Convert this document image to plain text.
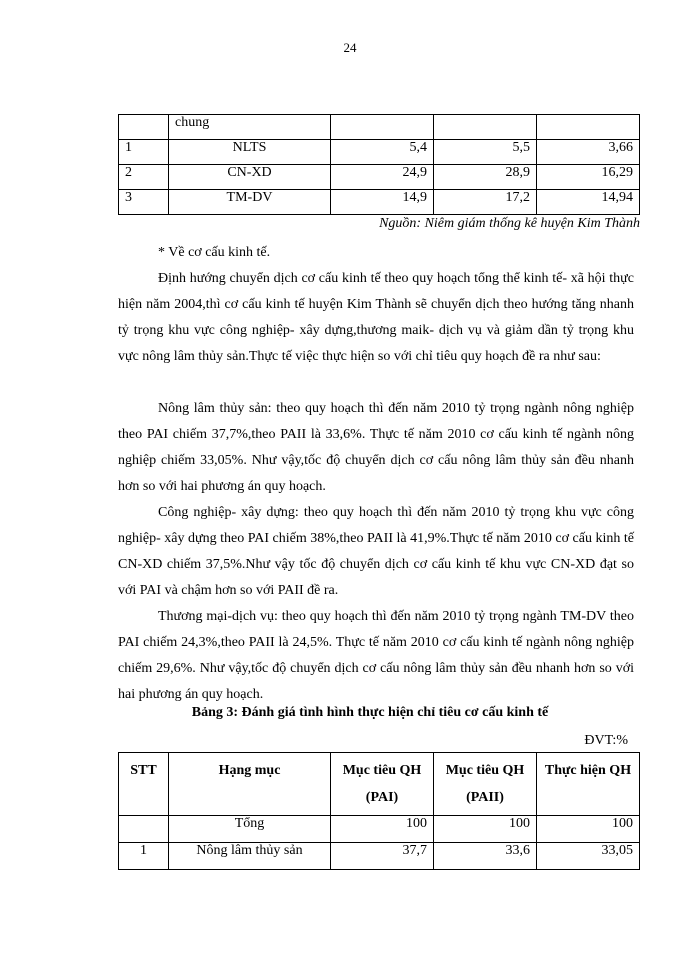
24
	chung			
1	NLTS	5,4	5,5	3,66
2	CN-XD	24,9	28,9	16,29
3	TM-DV	14,9	17,2	14,94
Nguồn: Niêm giám thống kê huyện Kim Thành

* Về cơ cấu kinh tế.

Định hướng chuyển dịch cơ cấu kinh tế theo quy hoạch tổng thể kinh tế- xã hội thực hiện năm 2004,thì cơ cấu kinh tế huyện Kim Thành sẽ chuyển dịch theo hướng tăng nhanh tỷ trọng khu vực công nghiệp- xây dựng,thương maik- dịch vụ và giảm dần tỷ trọng khu vực nông lâm thủy sản.Thực tế việc thực hiện so với chỉ tiêu quy hoạch đề ra như sau:

Nông lâm thủy sản: theo quy hoạch thì đến năm 2010 tỷ trọng ngành nông nghiệp theo PAI chiếm 37,7%,theo PAII là 33,6%. Thực tế năm 2010 cơ cấu kinh tế ngành nông nghiệp chiếm 33,05%. Như vậy,tốc độ chuyển dịch cơ cấu nông lâm thủy sản đều nhanh hơn so với hai phương án quy hoạch.

Công nghiệp- xây dựng: theo quy hoạch thì đến năm 2010 tỷ trọng khu vực công nghiệp- xây dựng theo PAI chiếm 38%,theo PAII là 41,9%.Thực tế năm 2010 cơ cấu kinh tế CN-XD chiếm 37,5%.Như vậy tốc độ chuyển dịch cơ cấu kinh tế khu vực CN-XD đạt so với PAI và chậm hơn so với PAII đề ra.

Thương mại-dịch vụ: theo quy hoạch thì đến năm 2010 tỷ trọng ngành TM-DV theo PAI chiếm 24,3%,theo PAII là 24,5%. Thực tế năm 2010 cơ cấu kinh tế ngành nông nghiệp chiếm 29,6%. Như vậy,tốc độ chuyển dịch cơ cấu nông lâm thủy sản đều nhanh hơn so với hai phương án quy hoạch.

Bảng 3: Đánh giá tình hình thực hiện chỉ tiêu cơ cấu kinh tế
ĐVT:%
STT	Hạng mục	Mục tiêu QH (PAI)	Mục tiêu QH (PAII)	Thực hiện QH
	Tổng	100	100	100
1	Nông lâm thủy sản	37,7	33,6	33,05
